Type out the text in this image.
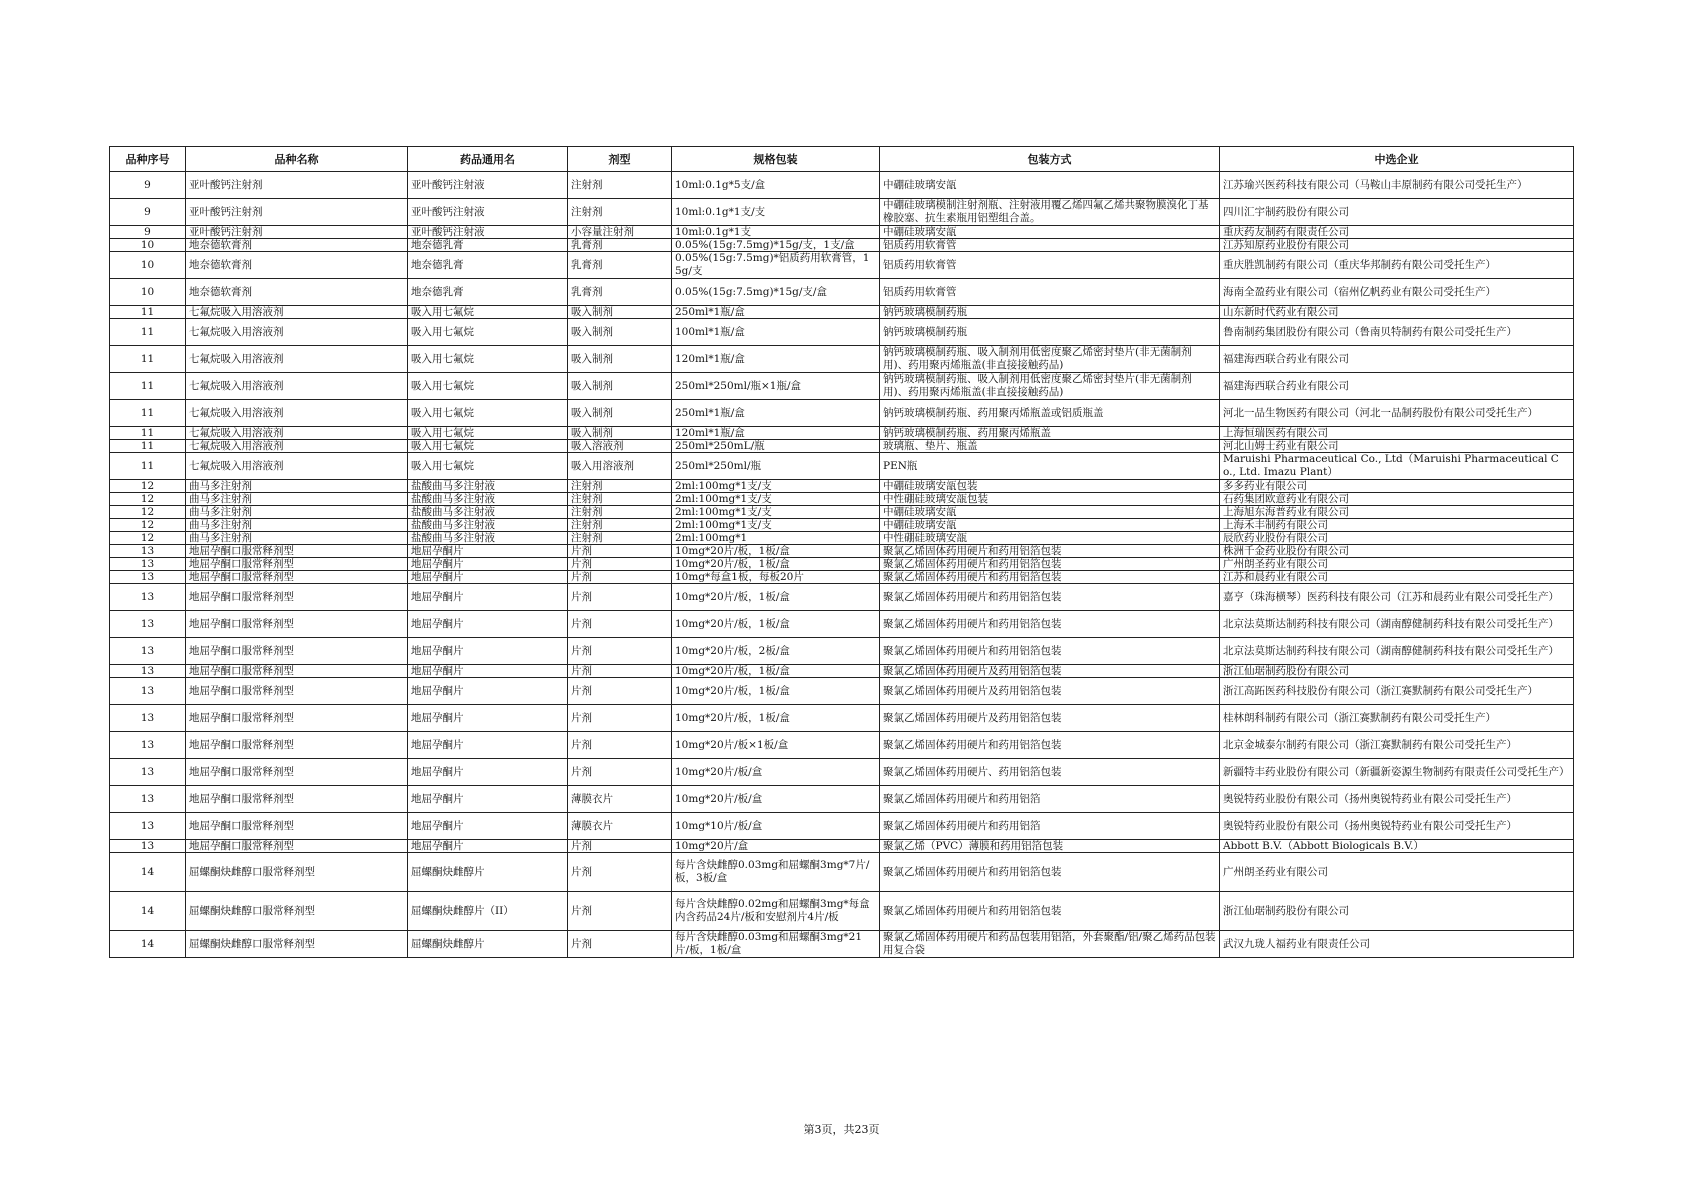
品种序号	品种名称	药品通用名	剂型	规格包装	包装方式	中选企业
9	亚叶酸钙注射剂	亚叶酸钙注射液	注射剂	10ml:0.1g*5支/盒	中硼硅玻璃安瓿	江苏瑜兴医药科技有限公司（马鞍山丰原制药有限公司受托生产）
9	亚叶酸钙注射剂	亚叶酸钙注射液	注射剂	10ml:0.1g*1支/支	中硼硅玻璃模制注射剂瓶、注射液用覆乙烯四氟乙烯共聚物膜溴化丁基橡胶塞、抗生素瓶用铝塑组合盖。	四川汇宇制药股份有限公司
9	亚叶酸钙注射剂	亚叶酸钙注射液	小容量注射剂	10ml:0.1g*1支	中硼硅玻璃安瓿	重庆药友制药有限责任公司
10	地奈德软膏剂	地奈德乳膏	乳膏剂	0.05%(15g:7.5mg)*15g/支，1支/盒	铝质药用软膏管	江苏知原药业股份有限公司
10	地奈德软膏剂	地奈德乳膏	乳膏剂	0.05%(15g:7.5mg)*铝质药用软膏管，15g/支	铝质药用软膏管	重庆胜凯制药有限公司（重庆华邦制药有限公司受托生产）
10	地奈德软膏剂	地奈德乳膏	乳膏剂	0.05%(15g:7.5mg)*15g/支/盒	铝质药用软膏管	海南全盈药业有限公司（宿州亿帆药业有限公司受托生产）
11	七氟烷吸入用溶液剂	吸入用七氟烷	吸入制剂	250ml*1瓶/盒	钠钙玻璃模制药瓶	山东新时代药业有限公司
11	七氟烷吸入用溶液剂	吸入用七氟烷	吸入制剂	100ml*1瓶/盒	钠钙玻璃模制药瓶	鲁南制药集团股份有限公司（鲁南贝特制药有限公司受托生产）
11	七氟烷吸入用溶液剂	吸入用七氟烷	吸入制剂	120ml*1瓶/盒	钠钙玻璃模制药瓶、吸入制剂用低密度聚乙烯密封垫片(非无菌制剂用)、药用聚丙烯瓶盖(非直接接触药品)	福建海西联合药业有限公司
11	七氟烷吸入用溶液剂	吸入用七氟烷	吸入制剂	250ml*250ml/瓶×1瓶/盒	钠钙玻璃模制药瓶、吸入制剂用低密度聚乙烯密封垫片(非无菌制剂用)、药用聚丙烯瓶盖(非直接接触药品)	福建海西联合药业有限公司
11	七氟烷吸入用溶液剂	吸入用七氟烷	吸入制剂	250ml*1瓶/盒	钠钙玻璃模制药瓶、药用聚丙烯瓶盖或铝质瓶盖	河北一品生物医药有限公司（河北一品制药股份有限公司受托生产）
11	七氟烷吸入用溶液剂	吸入用七氟烷	吸入制剂	120ml*1瓶/盒	钠钙玻璃模制药瓶、药用聚丙烯瓶盖	上海恒瑞医药有限公司
11	七氟烷吸入用溶液剂	吸入用七氟烷	吸入溶液剂	250ml*250mL/瓶	玻璃瓶、垫片、瓶盖	河北山姆士药业有限公司
11	七氟烷吸入用溶液剂	吸入用七氟烷	吸入用溶液剂	250ml*250ml/瓶	PEN瓶	Maruishi Pharmaceutical Co., Ltd（Maruishi Pharmaceutical Co., Ltd. Imazu Plant）
12	曲马多注射剂	盐酸曲马多注射液	注射剂	2ml:100mg*1支/支	中硼硅玻璃安瓿包装	多多药业有限公司
12	曲马多注射剂	盐酸曲马多注射液	注射剂	2ml:100mg*1支/支	中性硼硅玻璃安瓿包装	石药集团欧意药业有限公司
12	曲马多注射剂	盐酸曲马多注射液	注射剂	2ml:100mg*1支/支	中硼硅玻璃安瓿	上海旭东海普药业有限公司
12	曲马多注射剂	盐酸曲马多注射液	注射剂	2ml:100mg*1支/支	中硼硅玻璃安瓿	上海禾丰制药有限公司
12	曲马多注射剂	盐酸曲马多注射液	注射剂	2ml:100mg*1	中性硼硅玻璃安瓿	辰欣药业股份有限公司
13	地屈孕酮口服常释剂型	地屈孕酮片	片剂	10mg*20片/板，1板/盒	聚氯乙烯固体药用硬片和药用铝箔包装	株洲千金药业股份有限公司
13	地屈孕酮口服常释剂型	地屈孕酮片	片剂	10mg*20片/板，1板/盒	聚氯乙烯固体药用硬片和药用铝箔包装	广州朗圣药业有限公司
13	地屈孕酮口服常释剂型	地屈孕酮片	片剂	10mg*每盒1板，每板20片	聚氯乙烯固体药用硬片和药用铝箔包装	江苏和晨药业有限公司
13	地屈孕酮口服常释剂型	地屈孕酮片	片剂	10mg*20片/板，1板/盒	聚氯乙烯固体药用硬片和药用铝箔包装	嘉亨（珠海横琴）医药科技有限公司（江苏和晨药业有限公司受托生产）
13	地屈孕酮口服常释剂型	地屈孕酮片	片剂	10mg*20片/板，1板/盒	聚氯乙烯固体药用硬片和药用铝箔包装	北京法莫斯达制药科技有限公司（湖南醇健制药科技有限公司受托生产）
13	地屈孕酮口服常释剂型	地屈孕酮片	片剂	10mg*20片/板，2板/盒	聚氯乙烯固体药用硬片和药用铝箔包装	北京法莫斯达制药科技有限公司（湖南醇健制药科技有限公司受托生产）
13	地屈孕酮口服常释剂型	地屈孕酮片	片剂	10mg*20片/板，1板/盒	聚氯乙烯固体药用硬片及药用铝箔包装	浙江仙琚制药股份有限公司
13	地屈孕酮口服常释剂型	地屈孕酮片	片剂	10mg*20片/板，1板/盒	聚氯乙烯固体药用硬片及药用铝箔包装	浙江高跖医药科技股份有限公司（浙江赛默制药有限公司受托生产）
13	地屈孕酮口服常释剂型	地屈孕酮片	片剂	10mg*20片/板，1板/盒	聚氯乙烯固体药用硬片及药用铝箔包装	桂林朗科制药有限公司（浙江赛默制药有限公司受托生产）
13	地屈孕酮口服常释剂型	地屈孕酮片	片剂	10mg*20片/板×1板/盒	聚氯乙烯固体药用硬片和药用铝箔包装	北京金城泰尔制药有限公司（浙江赛默制药有限公司受托生产）
13	地屈孕酮口服常释剂型	地屈孕酮片	片剂	10mg*20片/板/盒	聚氯乙烯固体药用硬片、药用铝箔包装	新疆特丰药业股份有限公司（新疆新姿源生物制药有限责任公司受托生产）
13	地屈孕酮口服常释剂型	地屈孕酮片	薄膜衣片	10mg*20片/板/盒	聚氯乙烯固体药用硬片和药用铝箔	奥锐特药业股份有限公司（扬州奥锐特药业有限公司受托生产）
13	地屈孕酮口服常释剂型	地屈孕酮片	薄膜衣片	10mg*10片/板/盒	聚氯乙烯固体药用硬片和药用铝箔	奥锐特药业股份有限公司（扬州奥锐特药业有限公司受托生产）
13	地屈孕酮口服常释剂型	地屈孕酮片	片剂	10mg*20片/盒	聚氯乙烯（PVC）薄膜和药用铝箔包装	Abbott B.V.（Abbott Biologicals B.V.）
14	屈螺酮炔雌醇口服常释剂型	屈螺酮炔雌醇片	片剂	每片含炔雌醇0.03mg和屈螺酮3mg*7片/板，3板/盒	聚氯乙烯固体药用硬片和药用铝箔包装	广州朗圣药业有限公司
14	屈螺酮炔雌醇口服常释剂型	屈螺酮炔雌醇片（II）	片剂	每片含炔雌醇0.02mg和屈螺酮3mg*每盒内含药品24片/板和安慰剂片4片/板	聚氯乙烯固体药用硬片和药用铝箔包装	浙江仙琚制药股份有限公司
14	屈螺酮炔雌醇口服常释剂型	屈螺酮炔雌醇片	片剂	每片含炔雌醇0.03mg和屈螺酮3mg*21片/板，1板/盒	聚氯乙烯固体药用硬片和药品包装用铝箔，外套聚酯/铝/聚乙烯药品包装用复合袋	武汉九珑人福药业有限责任公司
第3页，共23页
